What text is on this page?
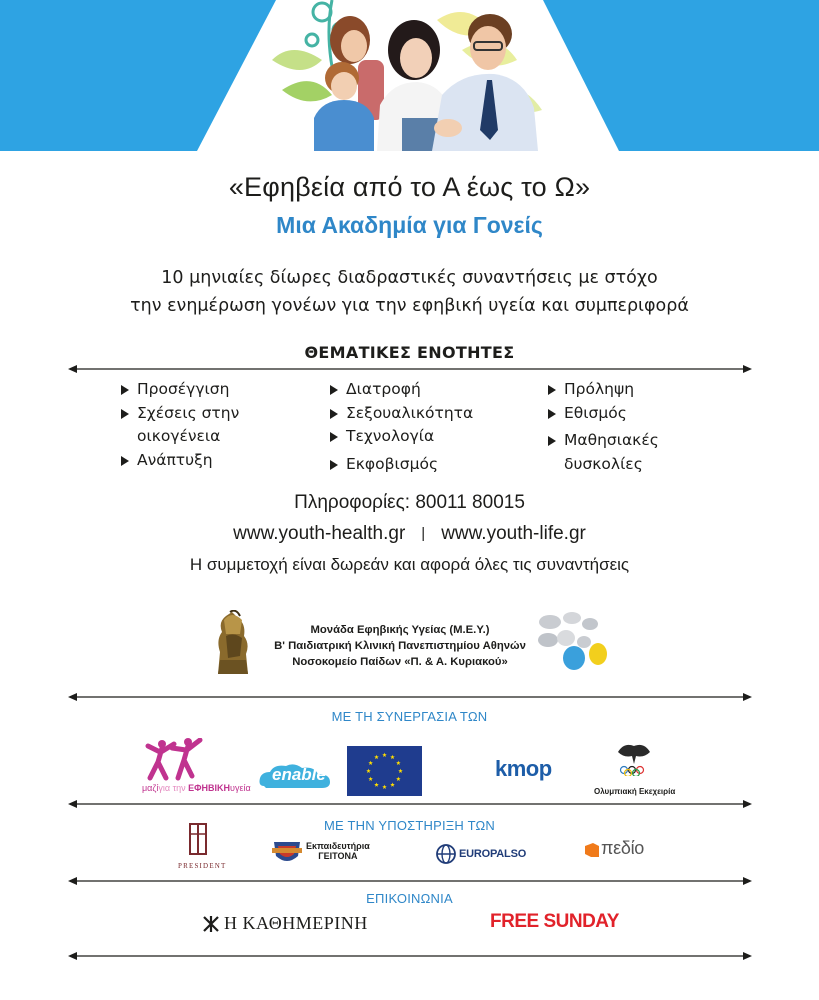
«Εφηβεία από το Α έως το Ω»
Μια Ακαδημία για Γονείς
10 μηνιαίες δίωρες διαδραστικές συναντήσεις με στόχο
την ενημέρωση γονέων για την εφηβική υγεία και συμπεριφορά
ΘΕΜΑΤΙΚΕΣ ΕΝΟΤΗΤΕΣ
Προσέγγιση
Σχέσεις στην
οικογένεια
Ανάπτυξη
Διατροφή
Σεξουαλικότητα
Τεχνολογία
Εκφοβισμός
Πρόληψη
Εθισμός
Μαθησιακές
δυσκολίες
Πληροφορίες: 80011 80015
www.youth-health.gr | www.youth-life.gr
Η συμμετοχή είναι δωρεάν και αφορά όλες τις συναντήσεις
Μονάδα Εφηβικής Υγείας (Μ.Ε.Υ.)
Β' Παιδιατρική Κλινική Πανεπιστημίου Αθηνών
Νοσοκομείο Παίδων «Π. & Α. Κυριακού»
ΜΕ ΤΗ ΣΥΝΕΡΓΑΣΙΑ ΤΩΝ
μαζίγια την ΕΦΗΒΙΚΗυγεία
enable	kmop
Ολυμπιακή Εκεχειρία
ΜΕ ΤΗΝ ΥΠΟΣΤΗΡΙΞΗ ΤΩΝ
PRESIDENT
Εκπαιδευτήρια
ΓΕΙΤΟΝΑ	EUROPALSO	πεδίο
ΕΠΙΚΟΙΝΩΝΙΑ
Η ΚΑΘΗΜΕΡΙΝΗ	FREE SUNDAY
